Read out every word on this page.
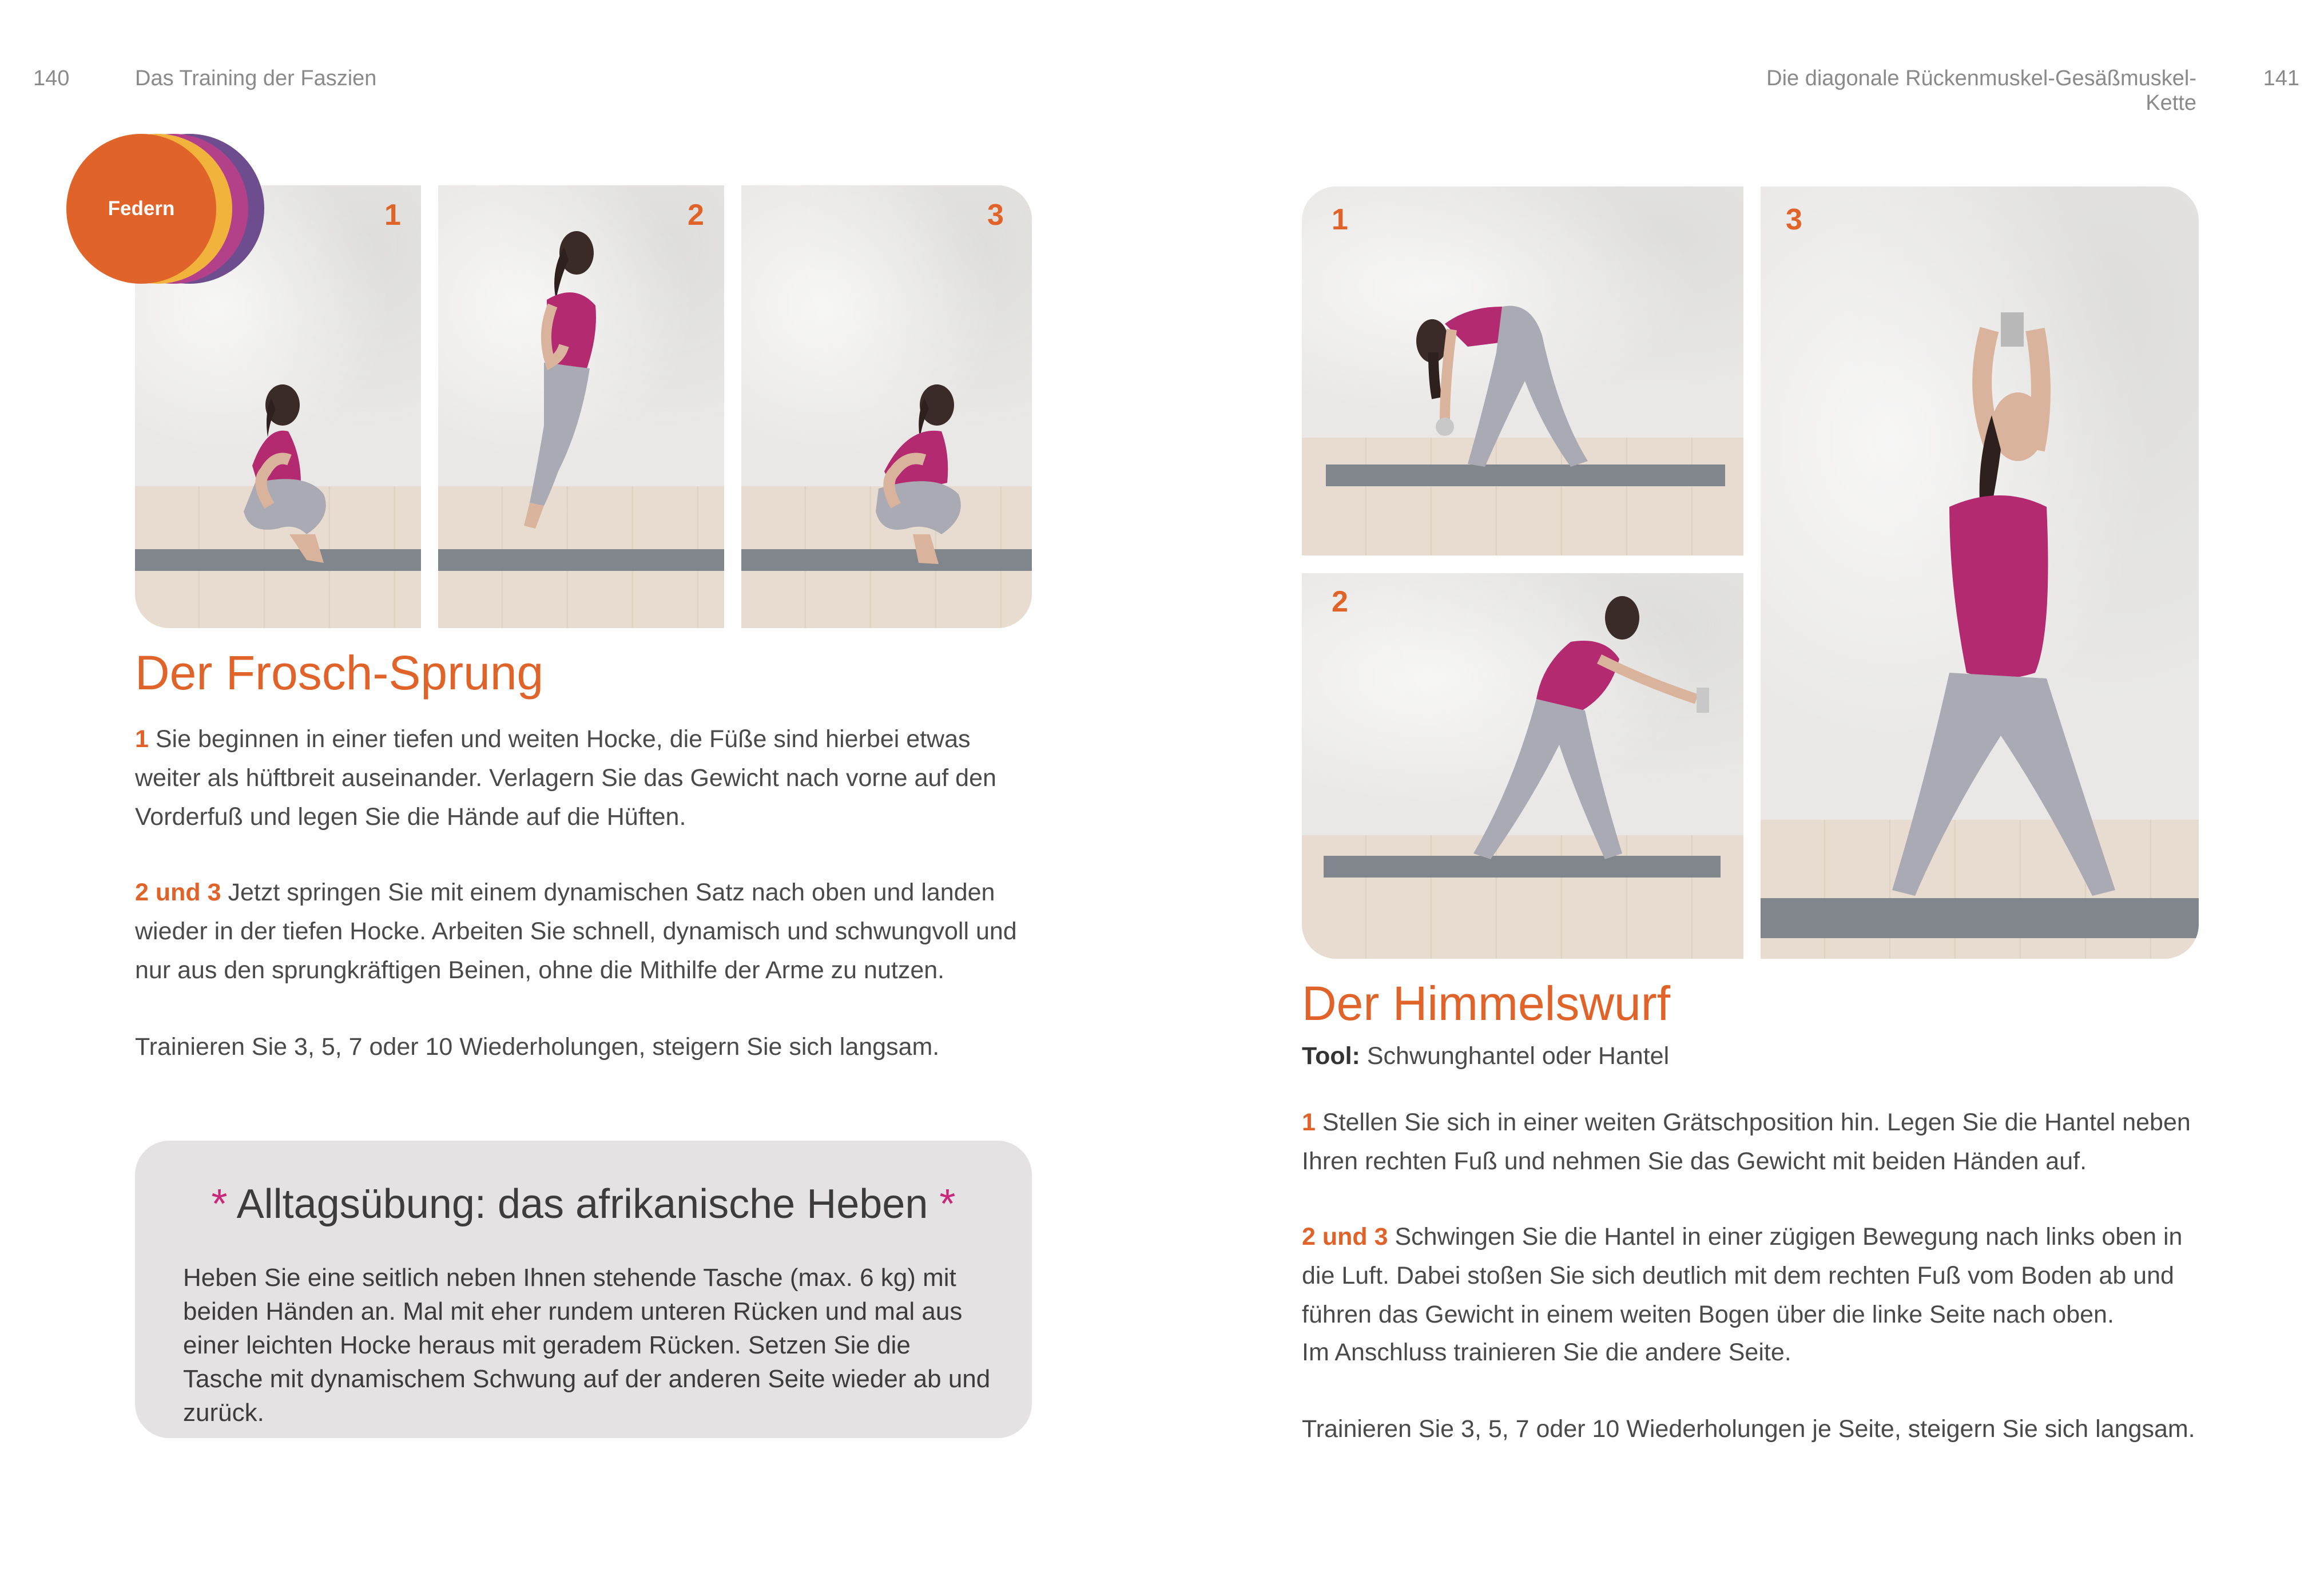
140	Das Training der Faszien	Die diagonale Rückenmuskel-Gesäßmuskel-Kette
141
1	2	3
Federn
Der Frosch-Sprung
1 Sie beginnen in einer tiefen und weiten Hocke, die Füße sind hierbei etwas weiter als hüftbreit auseinander. Verlagern Sie das Gewicht nach vorne auf den Vorderfuß und legen Sie die Hände auf die Hüften.
2 und 3 Jetzt springen Sie mit einem dynamischen Satz nach oben und landen wieder in der tiefen Hocke. Arbeiten Sie schnell, dynamisch und schwungvoll und nur aus den sprungkräftigen Beinen, ohne die Mithilfe der Arme zu nutzen.
Trainieren Sie 3, 5, 7 oder 10 Wiederholungen, steigern Sie sich langsam.
* Alltagsübung: das afrikanische Heben *
Heben Sie eine seitlich neben Ihnen stehende Tasche (max. 6 kg) mit beiden Händen an. Mal mit eher rundem unteren Rücken und mal aus einer leichten Hocke heraus mit geradem Rücken. Setzen Sie die Tasche mit dynamischem Schwung auf der anderen Seite wieder ab und zurück.
1
2
3
Der Himmelswurf
Tool: Schwunghantel oder Hantel
1 Stellen Sie sich in einer weiten Grätschposition hin. Legen Sie die Hantel neben Ihren rechten Fuß und nehmen Sie das Gewicht mit beiden Händen auf.
2 und 3 Schwingen Sie die Hantel in einer zügigen Bewegung nach links oben in die Luft. Dabei stoßen Sie sich deutlich mit dem rechten Fuß vom Boden ab und führen das Gewicht in einem weiten Bogen über die linke Seite nach oben.
Im Anschluss trainieren Sie die andere Seite.
Trainieren Sie 3, 5, 7 oder 10 Wiederholungen je Seite, steigern Sie sich langsam.
